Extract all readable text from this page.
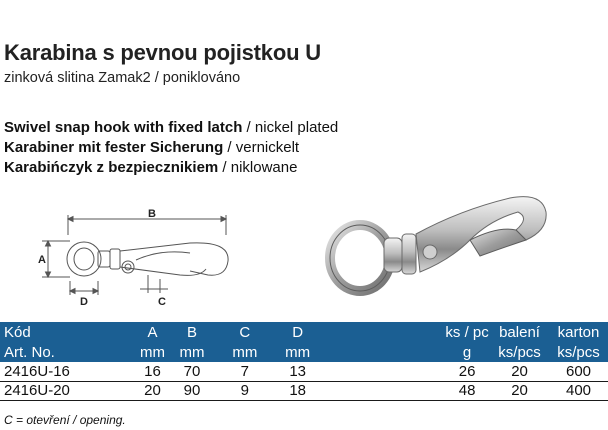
Karabina s pevnou pojistkou U
zinková slitina Zamak2 / poniklováno
Swivel snap hook with fixed latch / nickel plated
Karabiner mit fester Sicherung / vernickelt
Karabińczyk z bezpiecznikiem / niklowane
B
A
D	C
Kód	A	B	C	D	ks / pc	balení	karton
Art. No.	mm	mm	mm	mm	g	ks/pcs	ks/pcs
2416U-16	16	70	7	13	26	20	600
2416U-20	20	90	9	18	48	20	400
C = otevření / opening.
